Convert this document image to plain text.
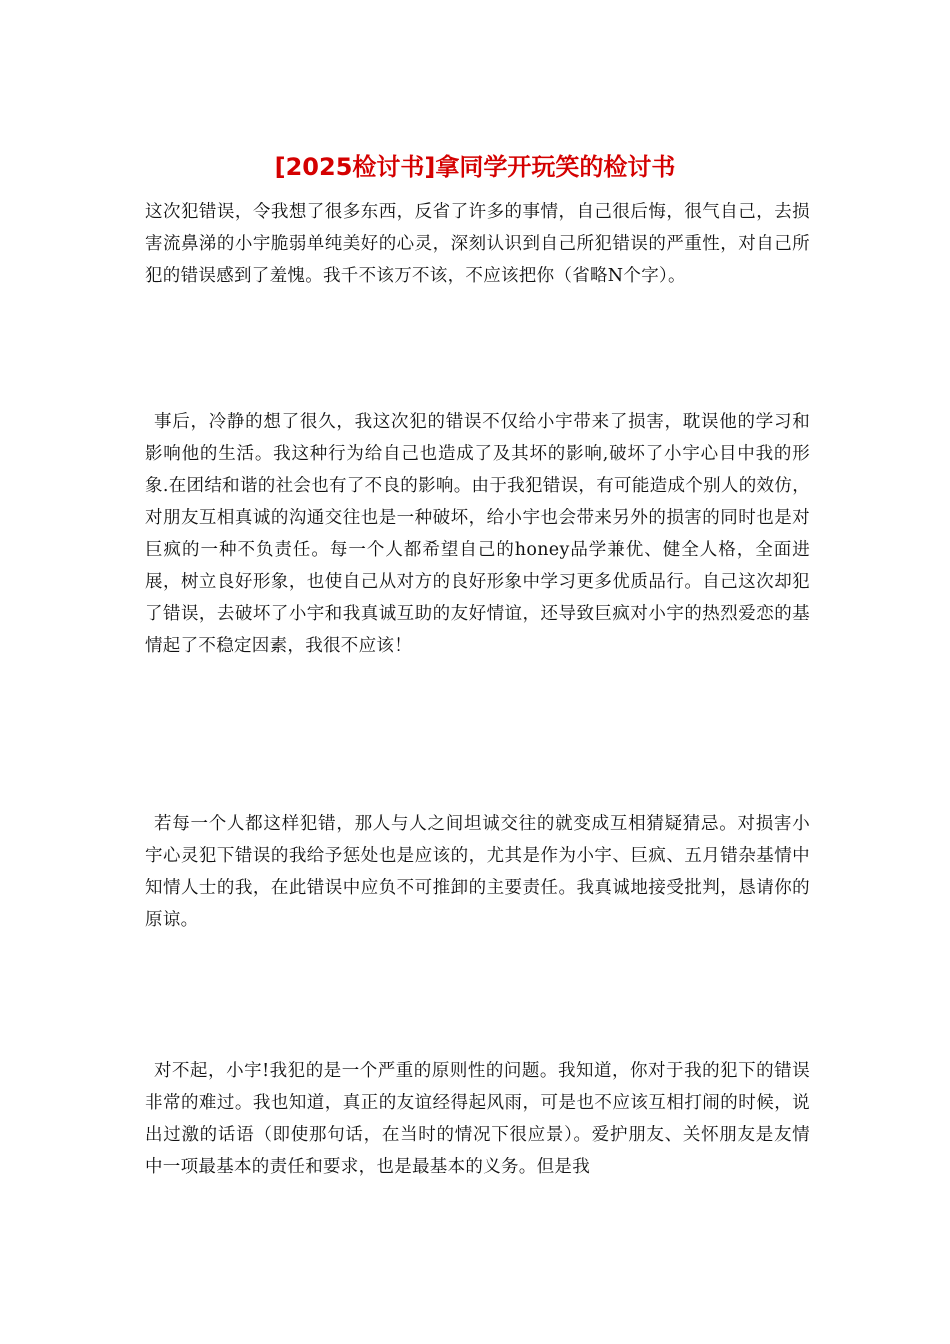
[2025检讨书]拿同学开玩笑的检讨书

这次犯错误，令我想了很多东西，反省了许多的事情，自己很后悔，很气自己，去损害流鼻涕的小宇脆弱单纯美好的心灵，深刻认识到自己所犯错误的严重性，对自己所犯的错误感到了羞愧。我千不该万不该，不应该把你（省略N个字）。

事后，冷静的想了很久，我这次犯的错误不仅给小宇带来了损害，耽误他的学习和影响他的生活。我这种行为给自己也造成了及其坏的影响,破坏了小宇心目中我的形象.在团结和谐的社会也有了不良的影响。由于我犯错误，有可能造成个别人的效仿，对朋友互相真诚的沟通交往也是一种破坏，给小宇也会带来另外的损害的同时也是对巨疯的一种不负责任。每一个人都希望自己的honey品学兼优、健全人格，全面进展，树立良好形象，也使自己从对方的良好形象中学习更多优质品行。自己这次却犯了错误，去破坏了小宇和我真诚互助的友好情谊，还导致巨疯对小宇的热烈爱恋的基情起了不稳定因素，我很不应该！

若每一个人都这样犯错，那人与人之间坦诚交往的就变成互相猜疑猜忌。对损害小宇心灵犯下错误的我给予惩处也是应该的，尤其是作为小宇、巨疯、五月错杂基情中知情人士的我，在此错误中应负不可推卸的主要责任。我真诚地接受批判，恳请你的原谅。

对不起，小宇!我犯的是一个严重的原则性的问题。我知道，你对于我的犯下的错误非常的难过。我也知道，真正的友谊经得起风雨，可是也不应该互相打闹的时候，说出过激的话语（即使那句话，在当时的情况下很应景）。爱护朋友、关怀朋友是友情中一项最基本的责任和要求，也是最基本的义务。但是我
